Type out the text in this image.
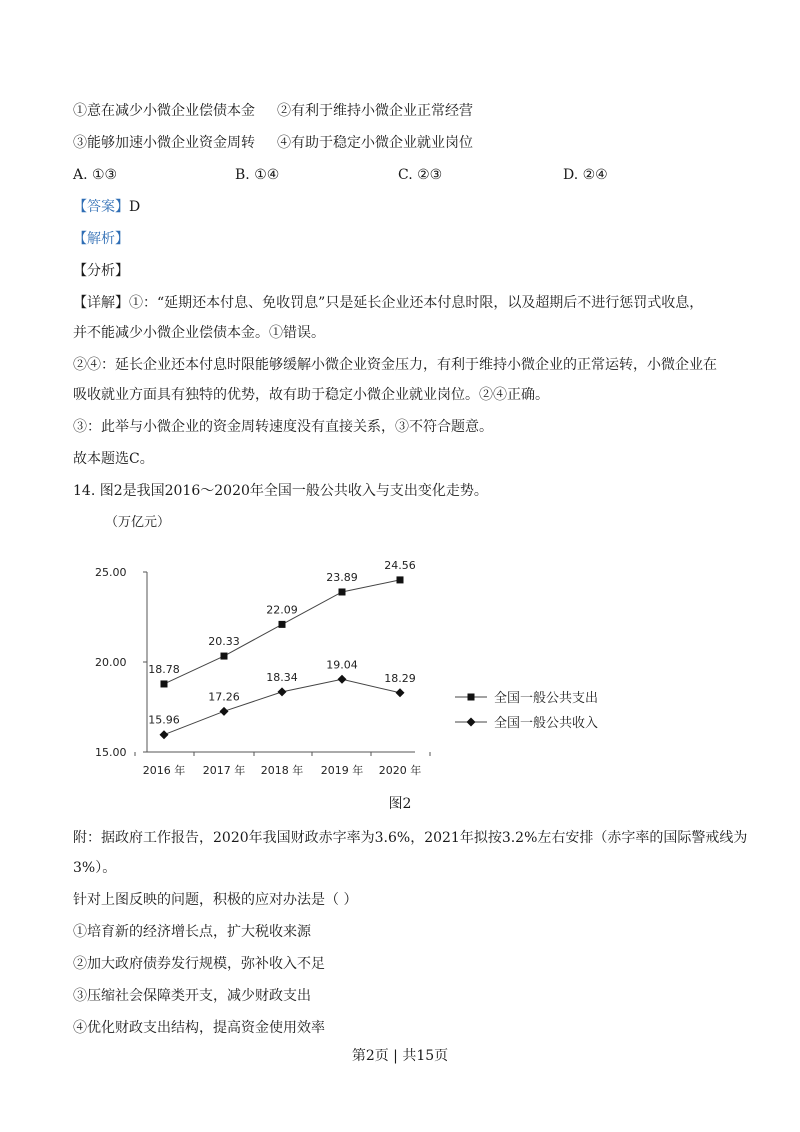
①意在减少小微企业偿债本金 ②有利于维持小微企业正常经营
③能够加速小微企业资金周转 ④有助于稳定小微企业就业岗位
A. ①③	B. ①④	C. ②③	D. ②④
【答案】D
【解析】
【分析】
【详解】①：“延期还本付息、免收罚息”只是延长企业还本付息时限，以及超期后不进行惩罚式收息，
并不能减少小微企业偿债本金。①错误。
②④：延长企业还本付息时限能够缓解小微企业资金压力，有利于维持小微企业的正常运转，小微企业在
吸收就业方面具有独特的优势，故有助于稳定小微企业就业岗位。②④正确。
③：此举与小微企业的资金周转速度没有直接关系，③不符合题意。
故本题选C。
14. 图2是我国2016～2020年全国一般公共收入与支出变化走势。
（万亿元）
25.00
20.00
15.00
2016 年 2017 年 2018 年 2019 年 2020 年
18.78
20.33
22.09
23.89
24.56
15.96
17.26
18.34
19.04
18.29
全国一般公共支出
全国一般公共收入
图2
附：据政府工作报告，2020年我国财政赤字率为3.6%，2021年拟按3.2%左右安排（赤字率的国际警戒线为
3%）。
针对上图反映的问题，积极的应对办法是（ ）
①培育新的经济增长点，扩大税收来源
②加大政府债券发行规模，弥补收入不足
③压缩社会保障类开支，减少财政支出
④优化财政支出结构，提高资金使用效率
第2页 | 共15页
